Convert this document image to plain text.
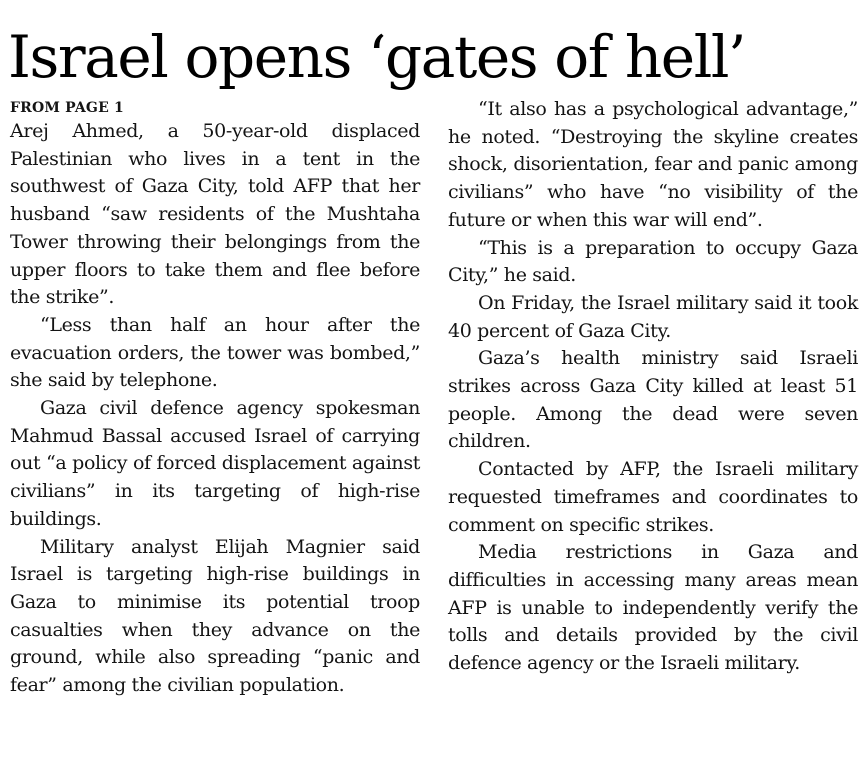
Israel opens ‘gates of hell’
FROM PAGE 1

Arej Ahmed, a 50-year-old displaced Palestinian who lives in a tent in the southwest of Gaza City, told AFP that her husband “saw residents of the Mushtaha Tower throwing their belongings from the upper floors to take them and flee before the strike”.

“Less than half an hour after the evacuation orders, the tower was bombed,” she said by telephone.

Gaza civil defence agency spokesman Mahmud Bassal accused Israel of carrying out “a policy of forced displacement against civilians” in its targeting of high-rise buildings.

Military analyst Elijah Magnier said Israel is targeting high-rise buildings in Gaza to minimise its potential troop casualties when they advance on the ground, while also spreading “panic and fear” among the civilian population.

“It also has a psychological advantage,” he noted. “Destroying the skyline creates shock, disorientation, fear and panic among civilians” who have “no visibility of the future or when this war will end”.

“This is a preparation to occupy Gaza City,” he said.

On Friday, the Israel military said it took 40 percent of Gaza City.

Gaza’s health ministry said Israeli strikes across Gaza City killed at least 51 people. Among the dead were seven children.

Contacted by AFP, the Israeli military requested timeframes and coordinates to comment on specific strikes.

Media restrictions in Gaza and difficulties in accessing many areas mean AFP is unable to independently verify the tolls and details provided by the civil defence agency or the Israeli military.
